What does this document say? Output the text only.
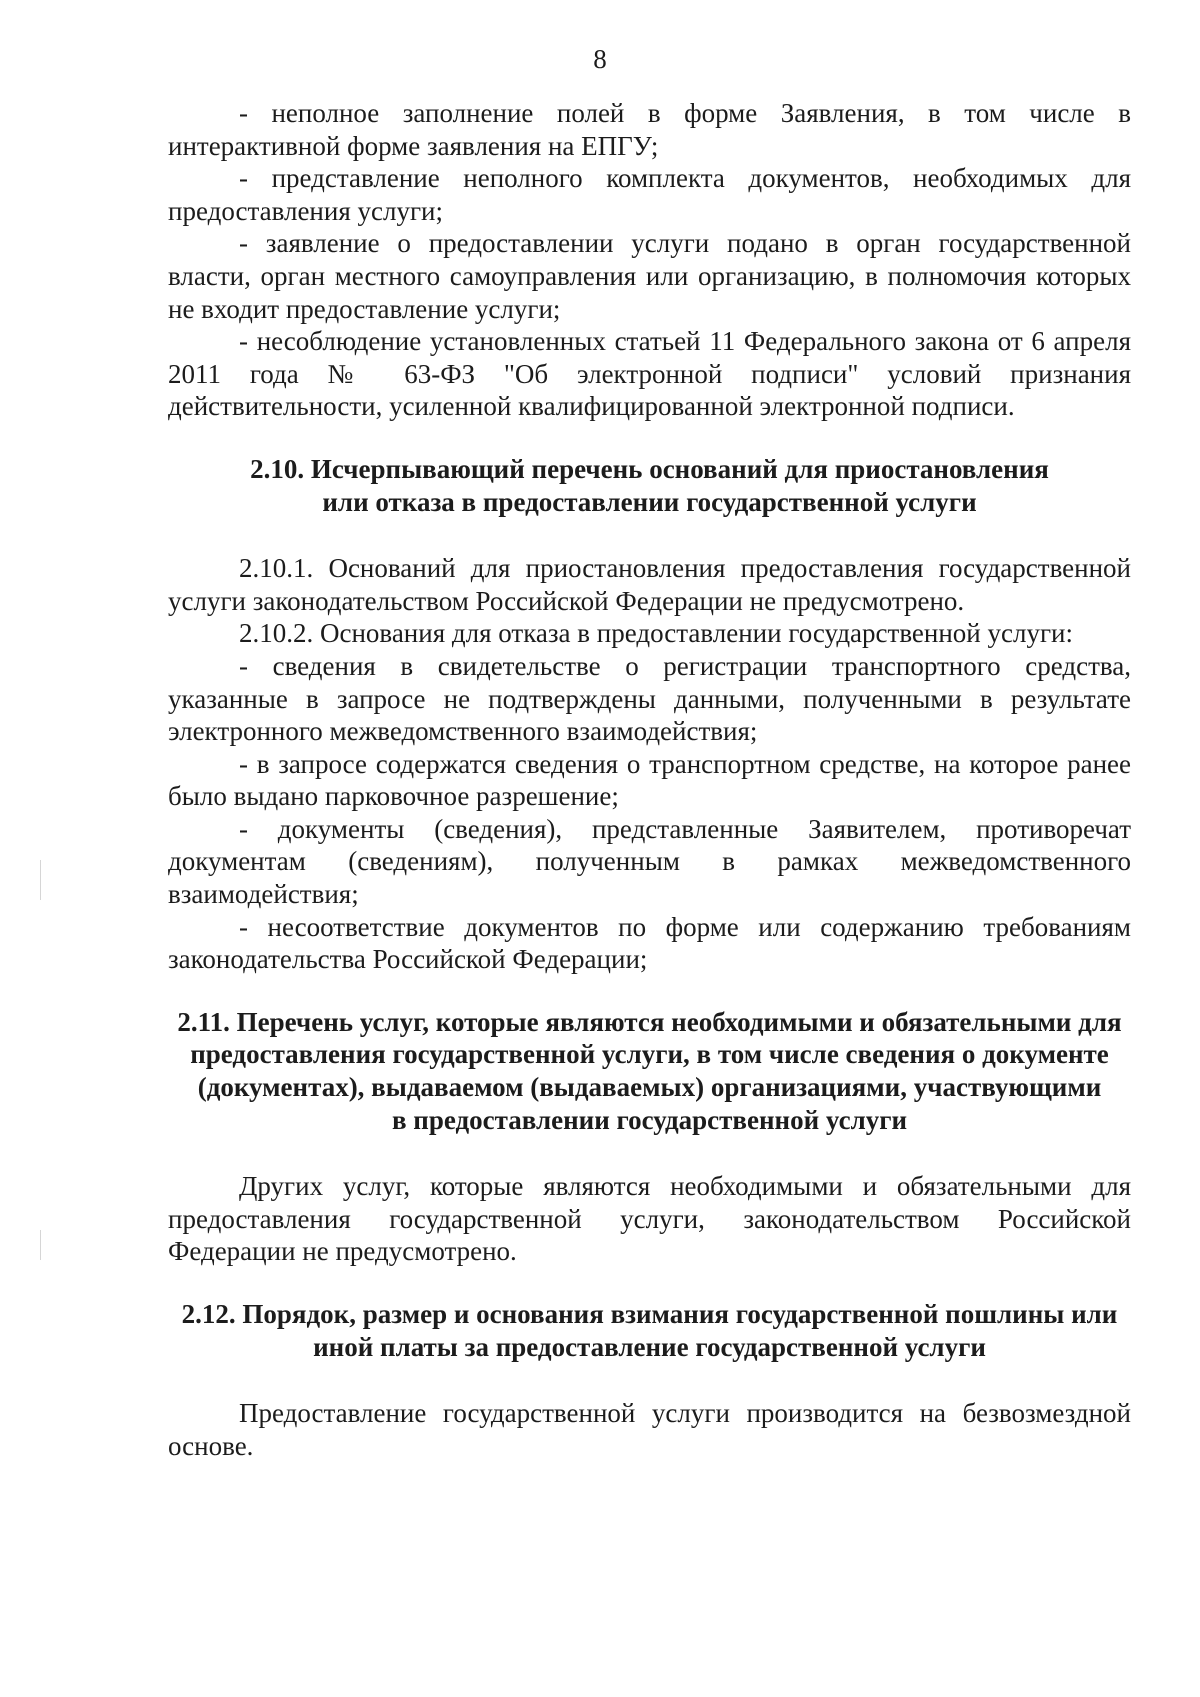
8

- неполное заполнение полей в форме Заявления, в том числе в интерактивной форме заявления на ЕПГУ;

- представление неполного комплекта документов, необходимых для предоставления услуги;

- заявление о предоставлении услуги подано в орган государственной власти, орган местного самоуправления или организацию, в полномочия которых не входит предоставление услуги;

- несоблюдение установленных статьей 11 Федерального закона от 6 апреля 2011 года № 63-ФЗ "Об электронной подписи" условий признания действительности, усиленной квалифицированной электронной подписи.

2.10. Исчерпывающий перечень оснований для приостановления
или отказа в предоставлении государственной услуги

2.10.1. Оснований для приостановления предоставления государственной услуги законодательством Российской Федерации не предусмотрено.

2.10.2. Основания для отказа в предоставлении государственной услуги:

- сведения в свидетельстве о регистрации транспортного средства, указанные в запросе не подтверждены данными, полученными в результате электронного межведомственного взаимодействия;

- в запросе содержатся сведения о транспортном средстве, на которое ранее было выдано парковочное разрешение;

- документы (сведения), представленные Заявителем, противоречат документам (сведениям), полученным в рамках межведомственного взаимодействия;

- несоответствие документов по форме или содержанию требованиям законодательства Российской Федерации;

2.11. Перечень услуг, которые являются необходимыми и обязательными для
предоставления государственной услуги, в том числе сведения о документе
(документах), выдаваемом (выдаваемых) организациями, участвующими
в предоставлении государственной услуги

Других услуг, которые являются необходимыми и обязательными для предоставления государственной услуги, законодательством Российской Федерации не предусмотрено.

2.12. Порядок, размер и основания взимания государственной пошлины или
иной платы за предоставление государственной услуги

Предоставление государственной услуги производится на безвозмездной основе.
